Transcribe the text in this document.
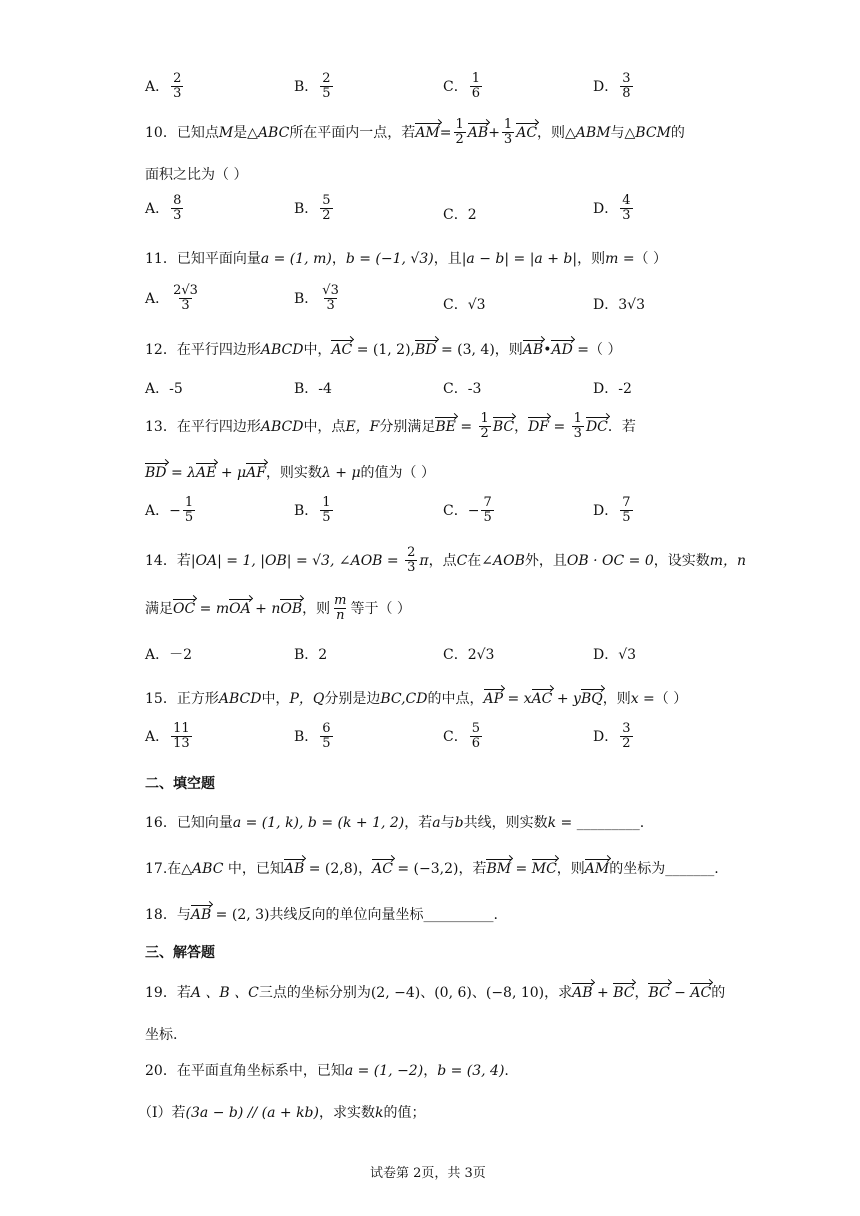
A． $\frac{2}{3}$	B． $\frac{2}{5}$	C． $\frac{1}{6}$	D． $\frac{3}{8}$
10．已知点M是△ABC所在平面内一点，若$AM= \frac{1}{2} AB+ \frac{1}{3}$ AC，则△ABM与△BCM的
面积之比为（ ）
A． $\frac{8}{3}$	B． $\frac{5}{2}$	C．2	D． $\frac{4}{3}$
11．已知平面向量a = (1, m)，b = (−1, √3)，且|a − b| = |a + b|，则m =（ ）
A． $\frac{2√3}{3}$	B． $\frac{√3}{3}$	C．√3	D．3√3
12．在平行四边形ABCD中，AC = (1, 2),BD = (3, 4)，则AB•AD =（ ）
A．-5	B．-4	C．-3	D．-2
13．在平行四边形ABCD中，点E，F分别满足BE = $\frac{1}{2}$ BC，DF = $\frac{1}{3}$ DC．若
BD = λAE + μAF，则实数λ + μ的值为（ ）
A．− $\frac{1}{5}$	B． $\frac{1}{5}$	C．− $\frac{7}{5}$	D． $\frac{7}{5}$
14．若|OA| = 1, |OB| = √3, ∠AOB = $\frac{2}{3}$ π，点C在∠AOB外，且OB · OC = 0，设实数m，n
满足OC = mOA + nOB，则 $\frac{m}{n}$ 等于（ ）
A．－2	B．2	C．2√3	D．√3
15．正方形ABCD中，P，Q分别是边BC,CD的中点，AP = xAC + yBQ，则x =（ ）
A． $\frac{11}{13}$	B． $\frac{6}{5}$	C． $\frac{5}{6}$	D． $\frac{3}{2}$
二、填空题
16．已知向量a = (1, k), b = (k + 1, 2)，若a与b共线，则实数k = _________.
17.在△ABC 中，已知AB = (2,8)，AC = (−3,2)，若BM = MC，则AM的坐标为_______.
18．与AB = (2, 3)共线反向的单位向量坐标__________.
三、解答题
19．若A 、B 、C三点的坐标分别为(2, −4)、(0, 6)、(−8, 10)，求AB + BC，BC − AC的
坐标.
20．在平面直角坐标系中，已知a = (1, −2)，b = (3, 4).
（I）若(3a − b) // (a + kb)，求实数k的值；
试卷第 2页，共 3页
